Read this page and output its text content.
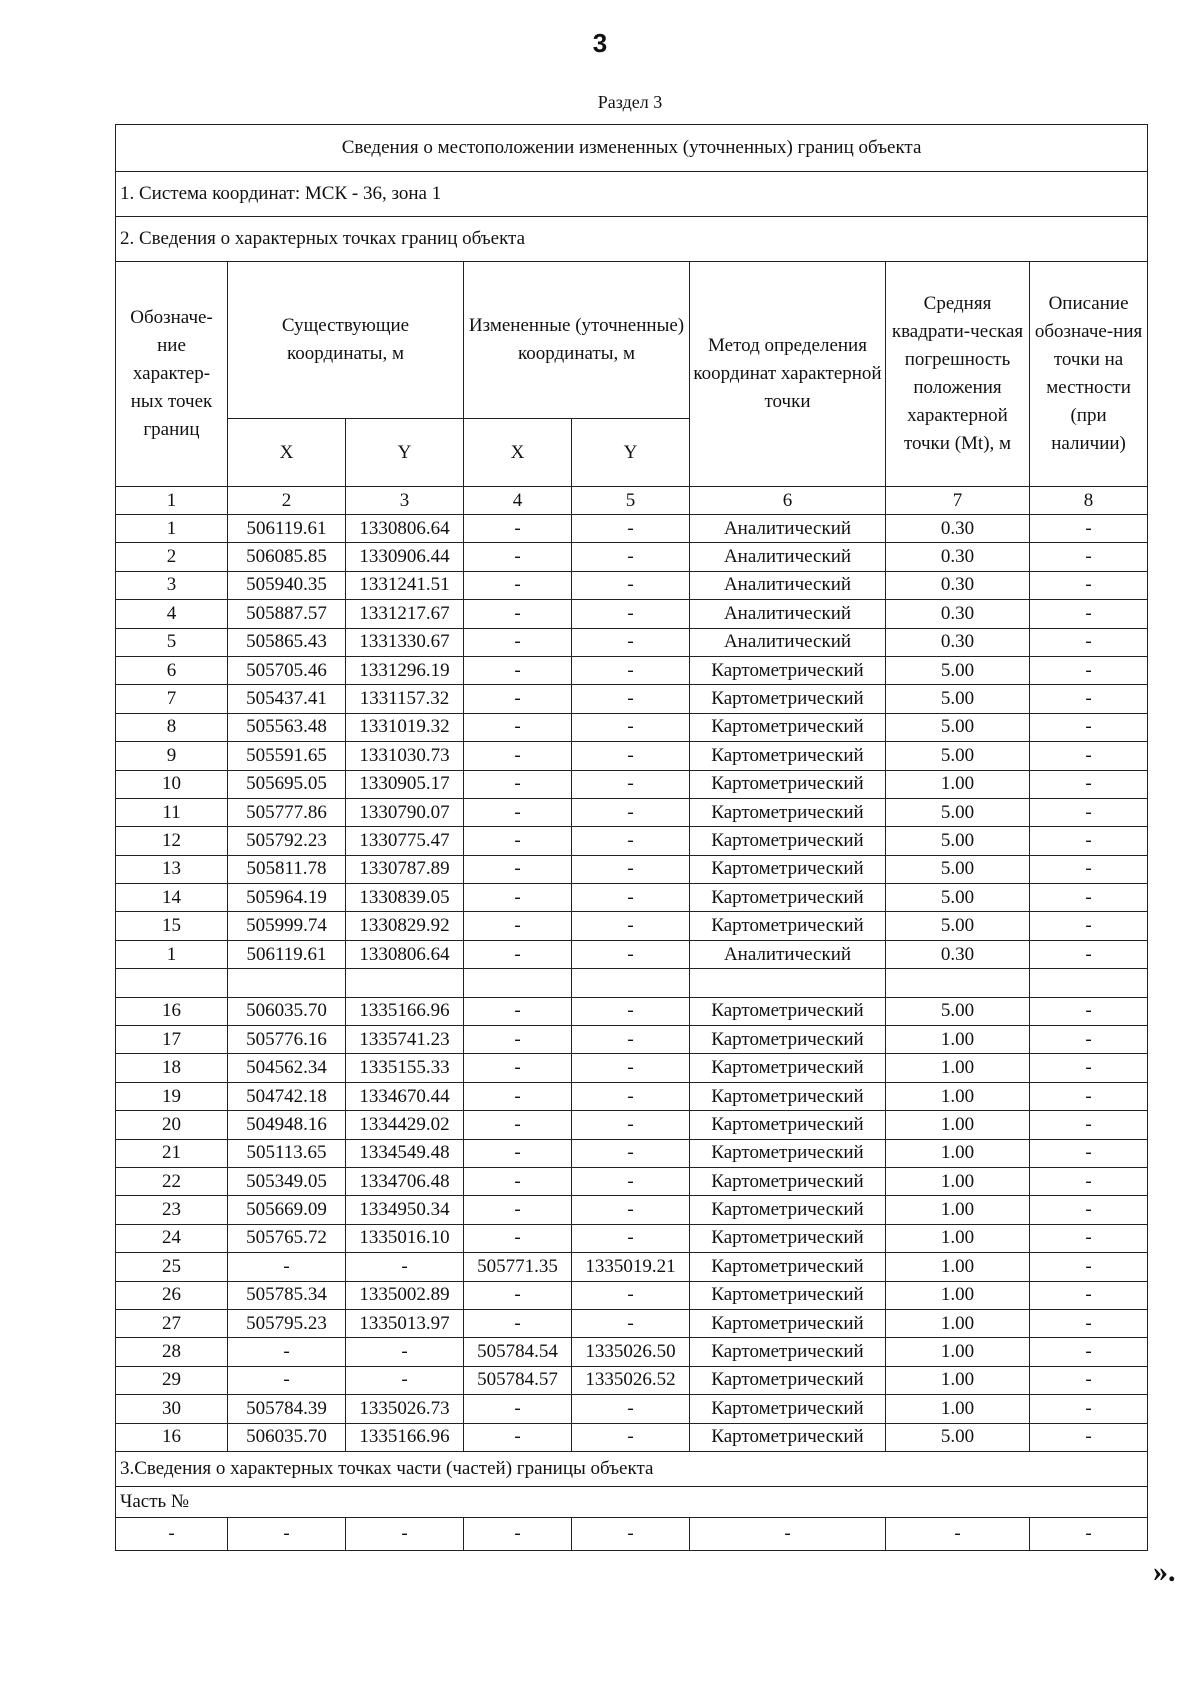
3
Раздел 3
Сведения о местоположении измененных (уточненных) границ объекта							
1. Система координат: МСК - 36, зона 1							
2. Сведения о характерных точках границ объекта							
Обозначе-ние характер-ных точек границ	Существующие координаты, м		Измененные (уточненные) координаты, м		Метод определения координат характерной точки	Средняя квадрати-ческая погрешность положения характерной точки (Mt), м	Описание обозначе-ния точки на местности (при наличии)
	X	Y	X	Y			
1	2	3	4	5	6	7	8
1	506119.61	1330806.64	-	-	Аналитический	0.30	-
2	506085.85	1330906.44	-	-	Аналитический	0.30	-
3	505940.35	1331241.51	-	-	Аналитический	0.30	-
4	505887.57	1331217.67	-	-	Аналитический	0.30	-
5	505865.43	1331330.67	-	-	Аналитический	0.30	-
6	505705.46	1331296.19	-	-	Картометрический	5.00	-
7	505437.41	1331157.32	-	-	Картометрический	5.00	-
8	505563.48	1331019.32	-	-	Картометрический	5.00	-
9	505591.65	1331030.73	-	-	Картометрический	5.00	-
10	505695.05	1330905.17	-	-	Картометрический	1.00	-
11	505777.86	1330790.07	-	-	Картометрический	5.00	-
12	505792.23	1330775.47	-	-	Картометрический	5.00	-
13	505811.78	1330787.89	-	-	Картометрический	5.00	-
14	505964.19	1330839.05	-	-	Картометрический	5.00	-
15	505999.74	1330829.92	-	-	Картометрический	5.00	-
1	506119.61	1330806.64	-	-	Аналитический	0.30	-

16	506035.70	1335166.96	-	-	Картометрический	5.00	-
17	505776.16	1335741.23	-	-	Картометрический	1.00	-
18	504562.34	1335155.33	-	-	Картометрический	1.00	-
19	504742.18	1334670.44	-	-	Картометрический	1.00	-
20	504948.16	1334429.02	-	-	Картометрический	1.00	-
21	505113.65	1334549.48	-	-	Картометрический	1.00	-
22	505349.05	1334706.48	-	-	Картометрический	1.00	-
23	505669.09	1334950.34	-	-	Картометрический	1.00	-
24	505765.72	1335016.10	-	-	Картометрический	1.00	-
25	-	-	505771.35	1335019.21	Картометрический	1.00	-
26	505785.34	1335002.89	-	-	Картометрический	1.00	-
27	505795.23	1335013.97	-	-	Картометрический	1.00	-
28	-	-	505784.54	1335026.50	Картометрический	1.00	-
29	-	-	505784.57	1335026.52	Картометрический	1.00	-
30	505784.39	1335026.73	-	-	Картометрический	1.00	-
16	506035.70	1335166.96	-	-	Картометрический	5.00	-
3.Сведения о характерных точках части (частей) границы объекта							
Часть №							
-	-	-	-	-	-	-	-
».
